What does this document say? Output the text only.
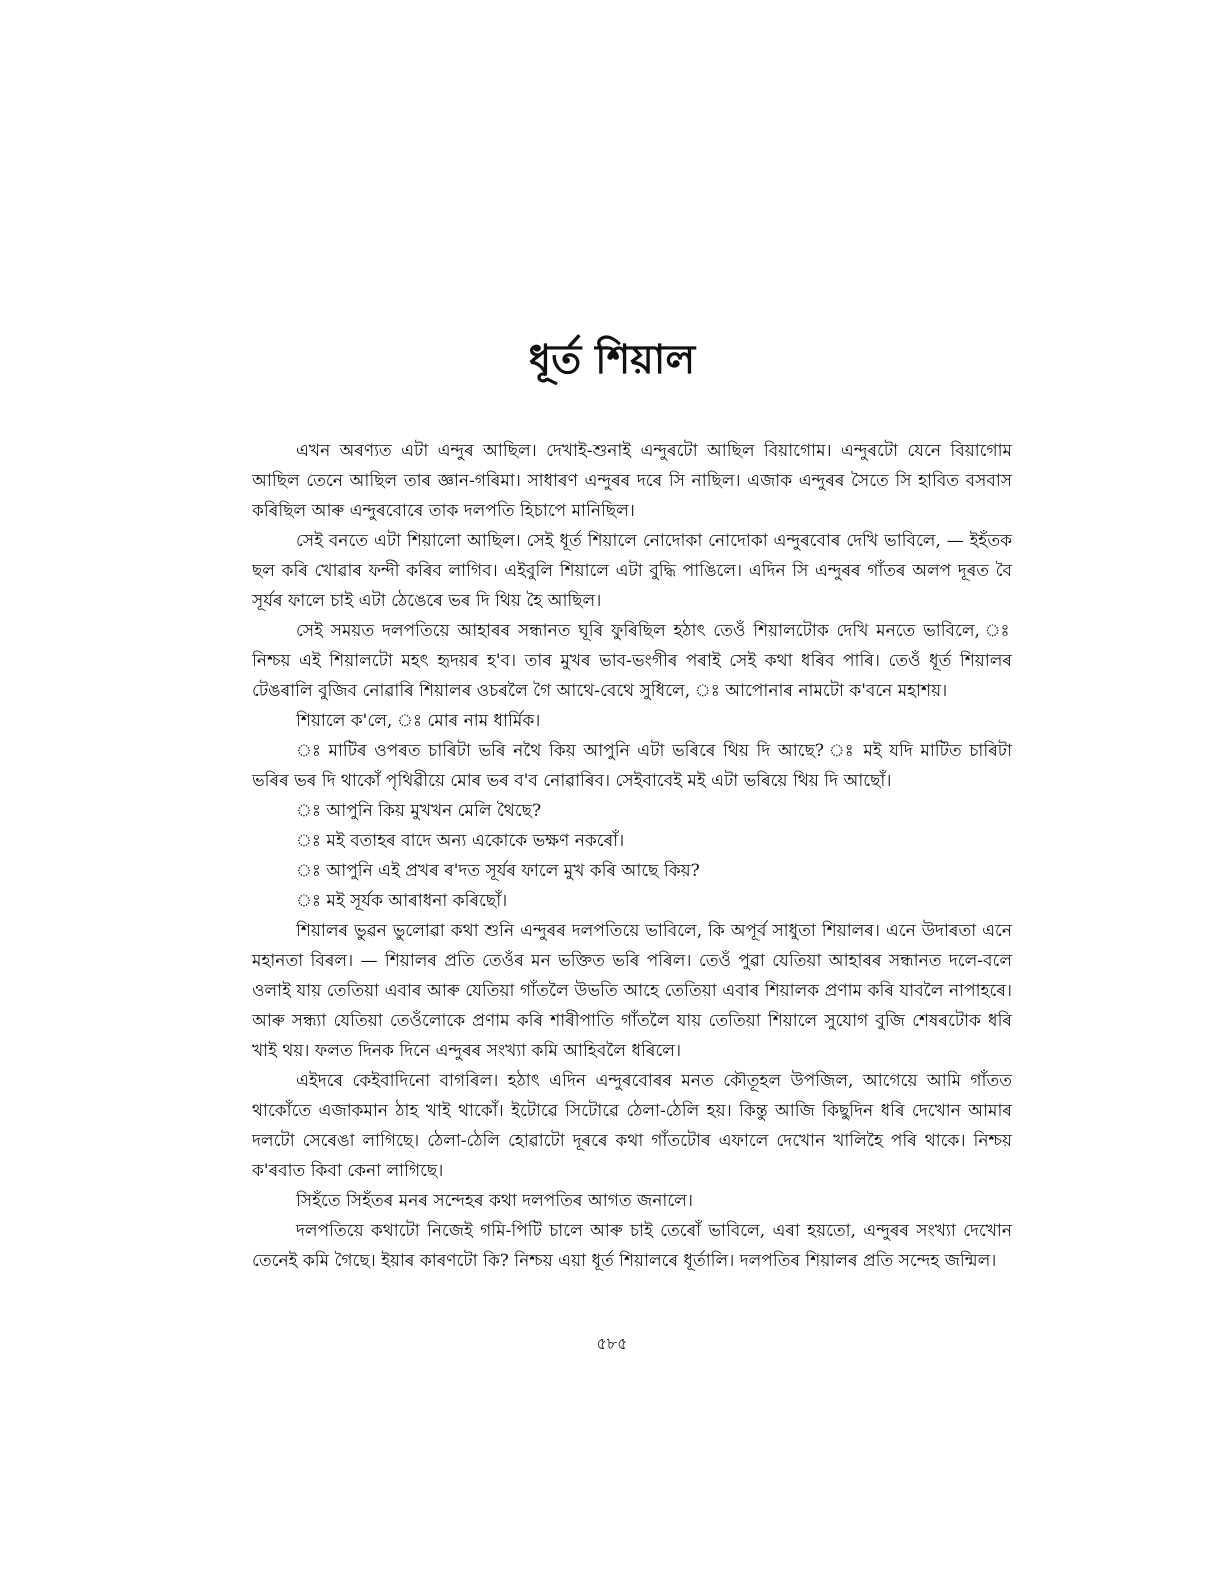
ধূর্ত শিয়াল

এখন অৰণ্যত এটা এন্দুৰ আছিল। দেখাই-শুনাই এন্দুৰটো আছিল বিয়াগোম। এন্দুৰটো যেনে বিয়াগোম আছিল তেনে আছিল তাৰ জ্ঞান-গৰিমা। সাধাৰণ এন্দুৰৰ দৰে সি নাছিল। এজাক এন্দুৰৰ সৈতে সি হাবিত বসবাস কৰিছিল আৰু এন্দুৰবোৰে তাক দলপতি হিচাপে মানিছিল।

সেই বনতে এটা শিয়ালো আছিল। সেই ধূৰ্ত শিয়ালে নোদোকা নোদোকা এন্দুৰবোৰ দেখি ভাবিলে, — ইহঁতক ছল কৰি খোৱাৰ ফন্দী কৰিব লাগিব। এইবুলি শিয়ালে এটা বুদ্ধি পাঙিলে। এদিন সি এন্দুৰৰ গাঁতৰ অলপ দূৰত বৈ সূৰ্যৰ ফালে চাই এটা ঠেঙেৰে ভৰ দি থিয় হৈ আছিল।

সেই সময়ত দলপতিয়ে আহাৰৰ সন্ধানত ঘূৰি ফুৰিছিল হঠাৎ তেওঁ শিয়ালটোক দেখি মনতে ভাবিলে, ঃ নিশ্চয় এই শিয়ালটো মহৎ হৃদয়ৰ হ'ব। তাৰ মুখৰ ভাব-ভংগীৰ পৰাই সেই কথা ধৰিব পাৰি। তেওঁ ধূৰ্ত শিয়ালৰ টেঙৰালি বুজিব নোৱাৰি শিয়ালৰ ওচৰলৈ গৈ আথে-বেথে সুধিলে, ঃ আপোনাৰ নামটো ক'বনে মহাশয়।

শিয়ালে ক'লে, ঃ মোৰ নাম ধাৰ্মিক।

ঃ মাটিৰ ওপৰত চাৰিটা ভৰি নথৈ কিয় আপুনি এটা ভৰিৰে থিয় দি আছে? ঃ মই যদি মাটিত চাৰিটা ভৰিৰ ভৰ দি থাকোঁ পৃথিৱীয়ে মোৰ ভৰ ব'ব নোৱাৰিব। সেইবাবেই মই এটা ভৰিয়ে থিয় দি আছোঁ।

ঃ আপুনি কিয় মুখখন মেলি থৈছে?

ঃ মই বতাহৰ বাদে অন্য একোকে ভক্ষণ নকৰোঁ।

ঃ আপুনি এই প্ৰখৰ ৰ'দত সূৰ্যৰ ফালে মুখ কৰি আছে কিয়?

ঃ মই সূৰ্যক আৰাধনা কৰিছোঁ।

শিয়ালৰ ভুৱন ভুলোৱা কথা শুনি এন্দুৰৰ দলপতিয়ে ভাবিলে, কি অপূৰ্ব সাধুতা শিয়ালৰ। এনে উদাৰতা এনে মহানতা বিৰল। — শিয়ালৰ প্ৰতি তেওঁৰ মন ভক্তিত ভৰি পৰিল। তেওঁ পুৱা যেতিয়া আহাৰৰ সন্ধানত দলে-বলে ওলাই যায় তেতিয়া এবাৰ আৰু যেতিয়া গাঁতলৈ উভতি আহে তেতিয়া এবাৰ শিয়ালক প্ৰণাম কৰি যাবলৈ নাপাহৰে। আৰু সন্ধ্যা যেতিয়া তেওঁলোকে প্ৰণাম কৰি শাৰীপাতি গাঁতলৈ যায় তেতিয়া শিয়ালে সুযোগ বুজি শেষৰটোক ধৰি খাই থয়। ফলত দিনক দিনে এন্দুৰৰ সংখ্যা কমি আহিবলৈ ধৰিলে।

এইদৰে কেইবাদিনো বাগৰিল। হঠাৎ এদিন এন্দুৰবোৰৰ মনত কৌতূহল উপজিল, আগেয়ে আমি গাঁতত থাকোঁতে এজাকমান ঠাহ খাই থাকোঁ। ইটোৱে সিটোৱে ঠেলা-ঠেলি হয়। কিন্তু আজি কিছুদিন ধৰি দেখোন আমাৰ দলটো সেৰেঙা লাগিছে। ঠেলা-ঠেলি হোৱাটো দূৰৰে কথা গাঁতটোৰ এফালে দেখোন খালিহৈ পৰি থাকে। নিশ্চয় ক'ৰবাত কিবা কেনা লাগিছে।

সিহঁতে সিহঁতৰ মনৰ সন্দেহৰ কথা দলপতিৰ আগত জনালে।

দলপতিয়ে কথাটো নিজেই গমি-পিটি চালে আৰু চাই তেৰোঁ ভাবিলে, এৰা হয়তো, এন্দুৰৰ সংখ্যা দেখোন তেনেই কমি গৈছে। ইয়াৰ কাৰণটো কি? নিশ্চয় এয়া ধূৰ্ত শিয়ালৰে ধূৰ্তালি। দলপতিৰ শিয়ালৰ প্ৰতি সন্দেহ জন্মিল।

৫৮৫
